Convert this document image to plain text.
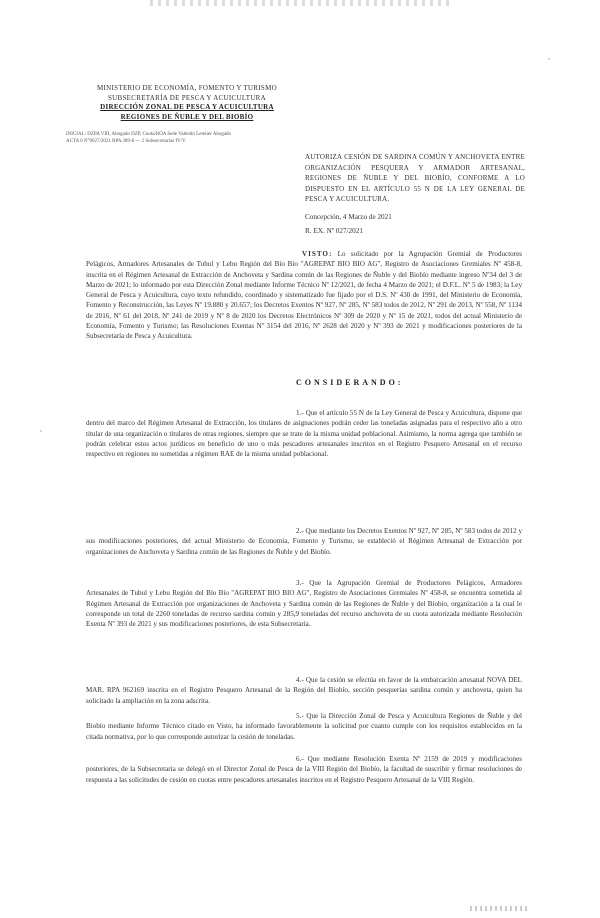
MINISTERIO DE ECONOMÍA, FOMENTO Y TURISMO
SUBSECRETARÍA DE PESCA Y ACUICULTURA
DIRECCIÓN ZONAL DE PESCA Y ACUICULTURA
REGIONES DE ÑUBLE Y DEL BIOBÍO
INICIAL: DZPA VIII, Abogado DZP, Cuota/ROA Sede Valentín Letelier Abogado
ACTA 0 N°0027/2021 RPA 389-8 — 2 Subsecretarías IV/V
AUTORIZA CESIÓN DE SARDINA COMÚN Y ANCHOVETA ENTRE ORGANIZACIÓN PESQUERA Y ARMADOR ARTESANAL, REGIONES DE ÑUBLE Y DEL BIOBÍO, CONFORME A LO DISPUESTO EN EL ARTÍCULO 55 N DE LA LEY GENERAL DE PESCA Y ACUICULTURA.
Concepción, 4 Marzo de 2021
R. EX. Nº 027/2021
VISTO: Lo solicitado por la Agrupación Gremial de Productores Pelágicos, Armadores Artesanales de Tubul y Lebu Región del Bío Bío "AGREPAT BIO BIO AG", Registro de Asociaciones Gremiales Nº 458-8, inscrita en el Régimen Artesanal de Extracción de Anchoveta y Sardina común de las Regiones de Ñuble y del Biobío mediante ingreso Nº34 del 3 de Marzo de 2021; lo informado por esta Dirección Zonal mediante Informe Técnico Nº 12/2021, de fecha 4 Marzo de 2021; el D.F.L. Nº 5 de 1983; la Ley General de Pesca y Acuicultura, cuyo texto refundido, coordinado y sistematizado fue fijado por el D.S. Nº 430 de 1991, del Ministerio de Economía, Fomento y Reconstrucción, las Leyes Nº 19.880 y 20.657; los Decretos Exentos Nº 927, Nº 285, Nº 583 todos de 2012, Nº 291 de 2013, Nº 558, Nº 1134 de 2016, Nº 61 del 2018, Nº 241 de 2019 y Nº 8 de 2020 los Decretos Electrónicos Nº 309 de 2020 y Nº 15 de 2021, todos del actual Ministerio de Economía, Fomento y Turismo; las Resoluciones Exentas Nº 3154 del 2016, Nº 2628 del 2020 y Nº 393 de 2021 y modificaciones posteriores de la Subsecretaría de Pesca y Acuicultura.
CONSIDERANDO:
1.- Que el artículo 55 N de la Ley General de Pesca y Acuicultura, dispone que dentro del marco del Régimen Artesanal de Extracción, los titulares de asignaciones podrán ceder las toneladas asignadas para el respectivo año a otro titular de una organización o titulares de otras regiones, siempre que se trate de la misma unidad poblacional. Asimismo, la norma agrega que también se podrán celebrar estos actos jurídicos en beneficio de uno o más pescadores artesanales inscritos en el Registro Pesquero Artesanal en el recurso respectivo en regiones no sometidas a régimen RAE de la misma unidad poblacional.
2.- Que mediante los Decretos Exentos Nº 927, Nº 285, Nº 583 todos de 2012 y sus modificaciones posteriores, del actual Ministerio de Economía, Fomento y Turismo, se estableció el Régimen Artesanal de Extracción por organizaciones de Anchoveta y Sardina común de las Regiones de Ñuble y del Biobío.
3.- Que la Agrupación Gremial de Productores Pelágicos, Armadores Artesanales de Tubul y Lebu Región del Bío Bío "AGREPAT BIO BIO AG", Registro de Asociaciones Gremiales Nº 458-8, se encuentra sometida al Régimen Artesanal de Extracción por organizaciones de Anchoveta y Sardina común de las Regiones de Ñuble y del Biobío, organización a la cual le corresponde un total de 2260 toneladas de recurso sardina común y 285,9 toneladas del recurso anchoveta de su cuota autorizada mediante Resolución Exenta Nº 393 de 2021 y sus modificaciones posteriores, de esta Subsecretaría.
4.- Que la cesión se efectúa en favor de la embarcación artesanal NOVA DEL MAR, RPA 962169 inscrita en el Registro Pesquero Artesanal de la Región del Biobío, sección pesquerías sardina común y anchoveta, quien ha solicitado la ampliación en la zona adscrita.
5.- Que la Dirección Zonal de Pesca y Acuicultura Regiones de Ñuble y del Biobío mediante Informe Técnico citado en Visto, ha informado favorablemente la solicitud por cuanto cumple con los requisitos establecidos en la citada normativa, por lo que corresponde autorizar la cesión de toneladas.
6.- Que mediante Resolución Exenta Nº 2159 de 2019 y modificaciones posteriores, de la Subsecretaría se delegó en el Director Zonal de Pesca de la VIII Región del Biobío, la facultad de suscribir y firmar resoluciones de respuesta a las solicitudes de cesión en cuotas entre pescadores artesanales inscritos en el Registro Pesquero Artesanal de la VIII Región.
